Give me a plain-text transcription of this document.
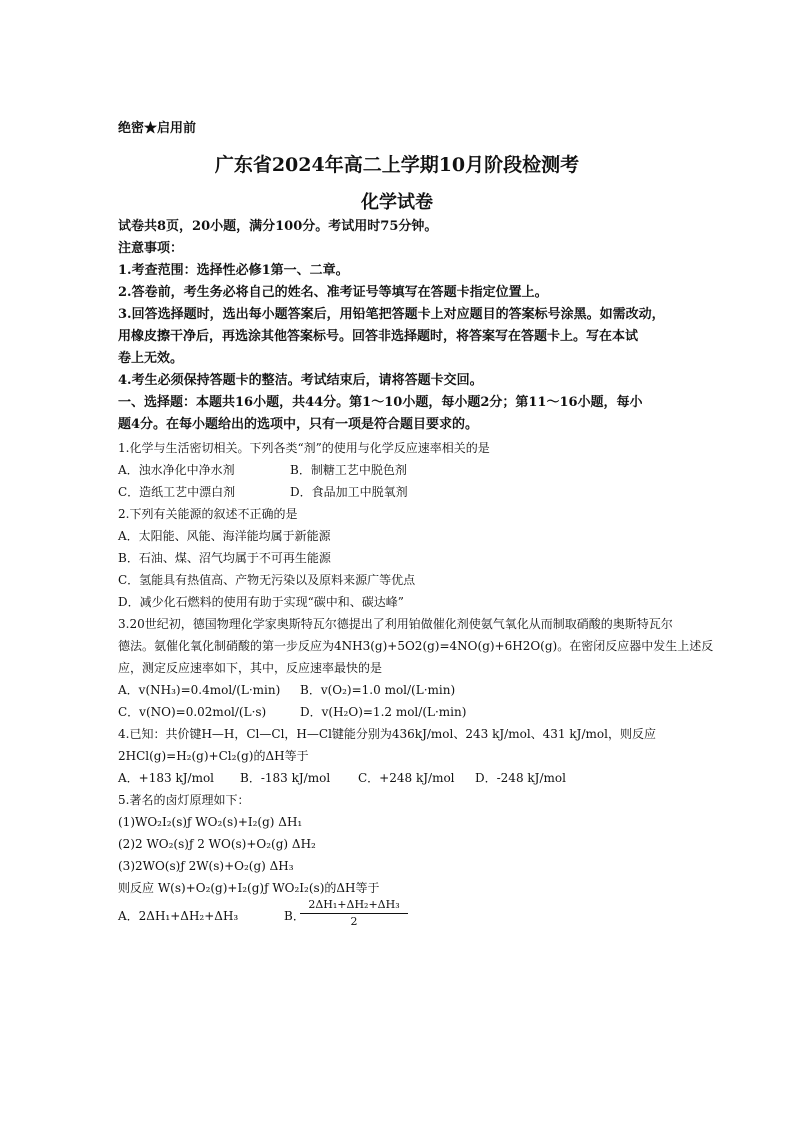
绝密★启用前
广东省2024年高二上学期10月阶段检测考
化学试卷
试卷共8页，20小题，满分100分。考试用时75分钟。
注意事项：
1.考查范围：选择性必修1第一、二章。
2.答卷前，考生务必将自己的姓名、准考证号等填写在答题卡指定位置上。
3.回答选择题时，选出每小题答案后，用铅笔把答题卡上对应题目的答案标号涂黑。如需改动，
用橡皮擦干净后，再选涂其他答案标号。回答非选择题时，将答案写在答题卡上。写在本试
卷上无效。
4.考生必须保持答题卡的整洁。考试结束后，请将答题卡交回。
一、选择题：本题共16小题，共44分。第1～10小题，每小题2分；第11～16小题，每小
题4分。在每小题给出的选项中，只有一项是符合题目要求的。
1.化学与生活密切相关。下列各类“剂”的使用与化学反应速率相关的是
A．浊水净化中净水剂	B．制糖工艺中脱色剂
C．造纸工艺中漂白剂	D．食品加工中脱氧剂
2.下列有关能源的叙述不正确的是
A．太阳能、风能、海洋能均属于新能源
B．石油、煤、沼气均属于不可再生能源
C．氢能具有热值高、产物无污染以及原料来源广等优点
D．减少化石燃料的使用有助于实现“碳中和、碳达峰”
3.20世纪初，德国物理化学家奥斯特瓦尔德提出了利用铂做催化剂使氨气氧化从而制取硝酸的奥斯特瓦尔
德法。氨催化氧化制硝酸的第一步反应为4NH3(g)+5O2(g)=4NO(g)+6H2O(g)。在密闭反应器中发生上述反
应，测定反应速率如下，其中，反应速率最快的是
A．v(NH₃)=0.4mol/(L·min) B．v(O₂)=1.0 mol/(L·min)
C．v(NO)=0.02mol/(L·s)	D．v(H₂O)=1.2 mol/(L·min)
4.已知：共价键H—H，Cl—Cl，H—Cl键能分别为436kJ/mol、243 kJ/mol、431 kJ/mol，则反应
2HCl(g)=H₂(g)+Cl₂(g)的ΔH等于
A．+183 kJ/mol B．-183 kJ/mol C．+248 kJ/mol D．-248 kJ/mol
5.著名的卤灯原理如下：
(1)WO₂I₂(s)ƒ WO₂(s)+I₂(g) ΔH₁
(2)2 WO₂(s)ƒ 2 WO(s)+O₂(g) ΔH₂
(3)2WO(s)ƒ 2W(s)+O₂(g) ΔH₃
则反应 W(s)+O₂(g)+I₂(g)ƒ WO₂I₂(s)的ΔH等于
A．2ΔH₁+ΔH₂+ΔH₃	B．
2ΔH₁+ΔH₂+ΔH₃
2
